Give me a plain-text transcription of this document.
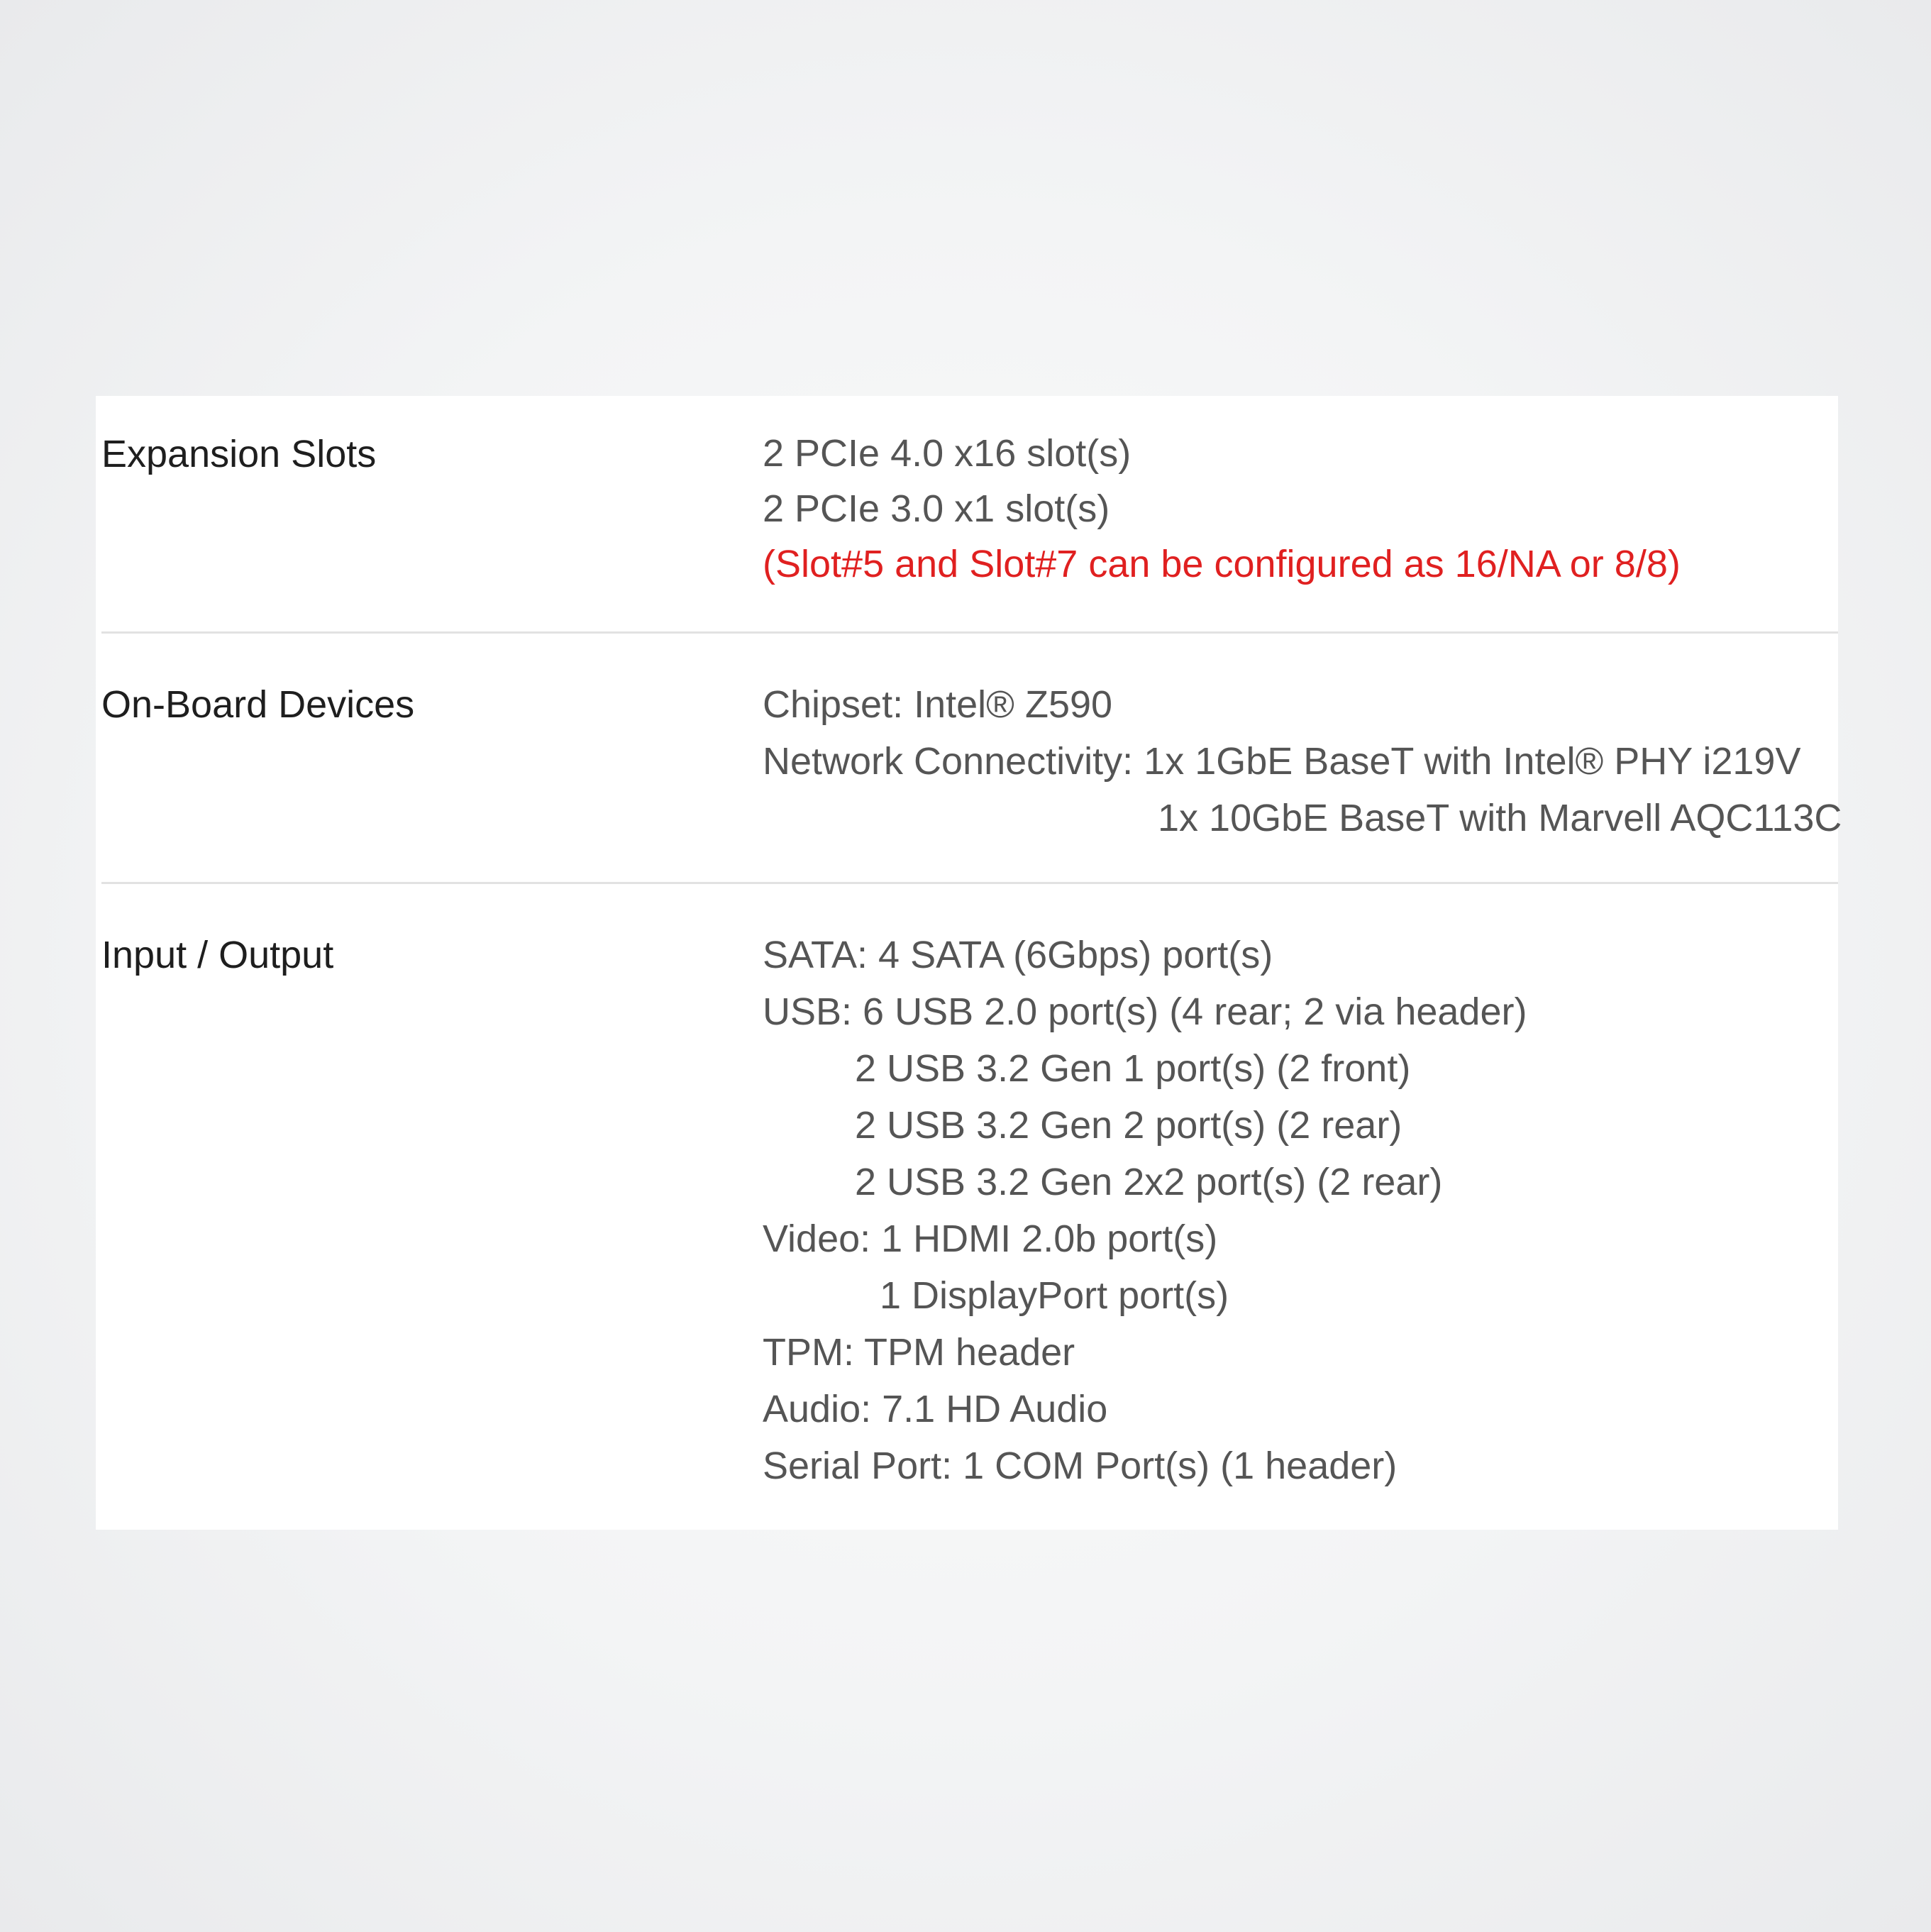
Expansion Slots	2 PCIe 4.0 x16 slot(s)
2 PCIe 3.0 x1 slot(s)
(Slot#5 and Slot#7 can be configured as 16/NA or 8/8)
On-Board Devices	Chipset: Intel® Z590
Network Connectivity: 1x 1GbE BaseT with Intel® PHY i219V
1x 10GbE BaseT with Marvell AQC113C
Input / Output	SATA: 4 SATA (6Gbps) port(s)
USB: 6 USB 2.0 port(s) (4 rear; 2 via header)
2 USB 3.2 Gen 1 port(s) (2 front)
2 USB 3.2 Gen 2 port(s) (2 rear)
2 USB 3.2 Gen 2x2 port(s) (2 rear)
Video: 1 HDMI 2.0b port(s)
1 DisplayPort port(s)
TPM: TPM header
Audio: 7.1 HD Audio
Serial Port: 1 COM Port(s) (1 header)
